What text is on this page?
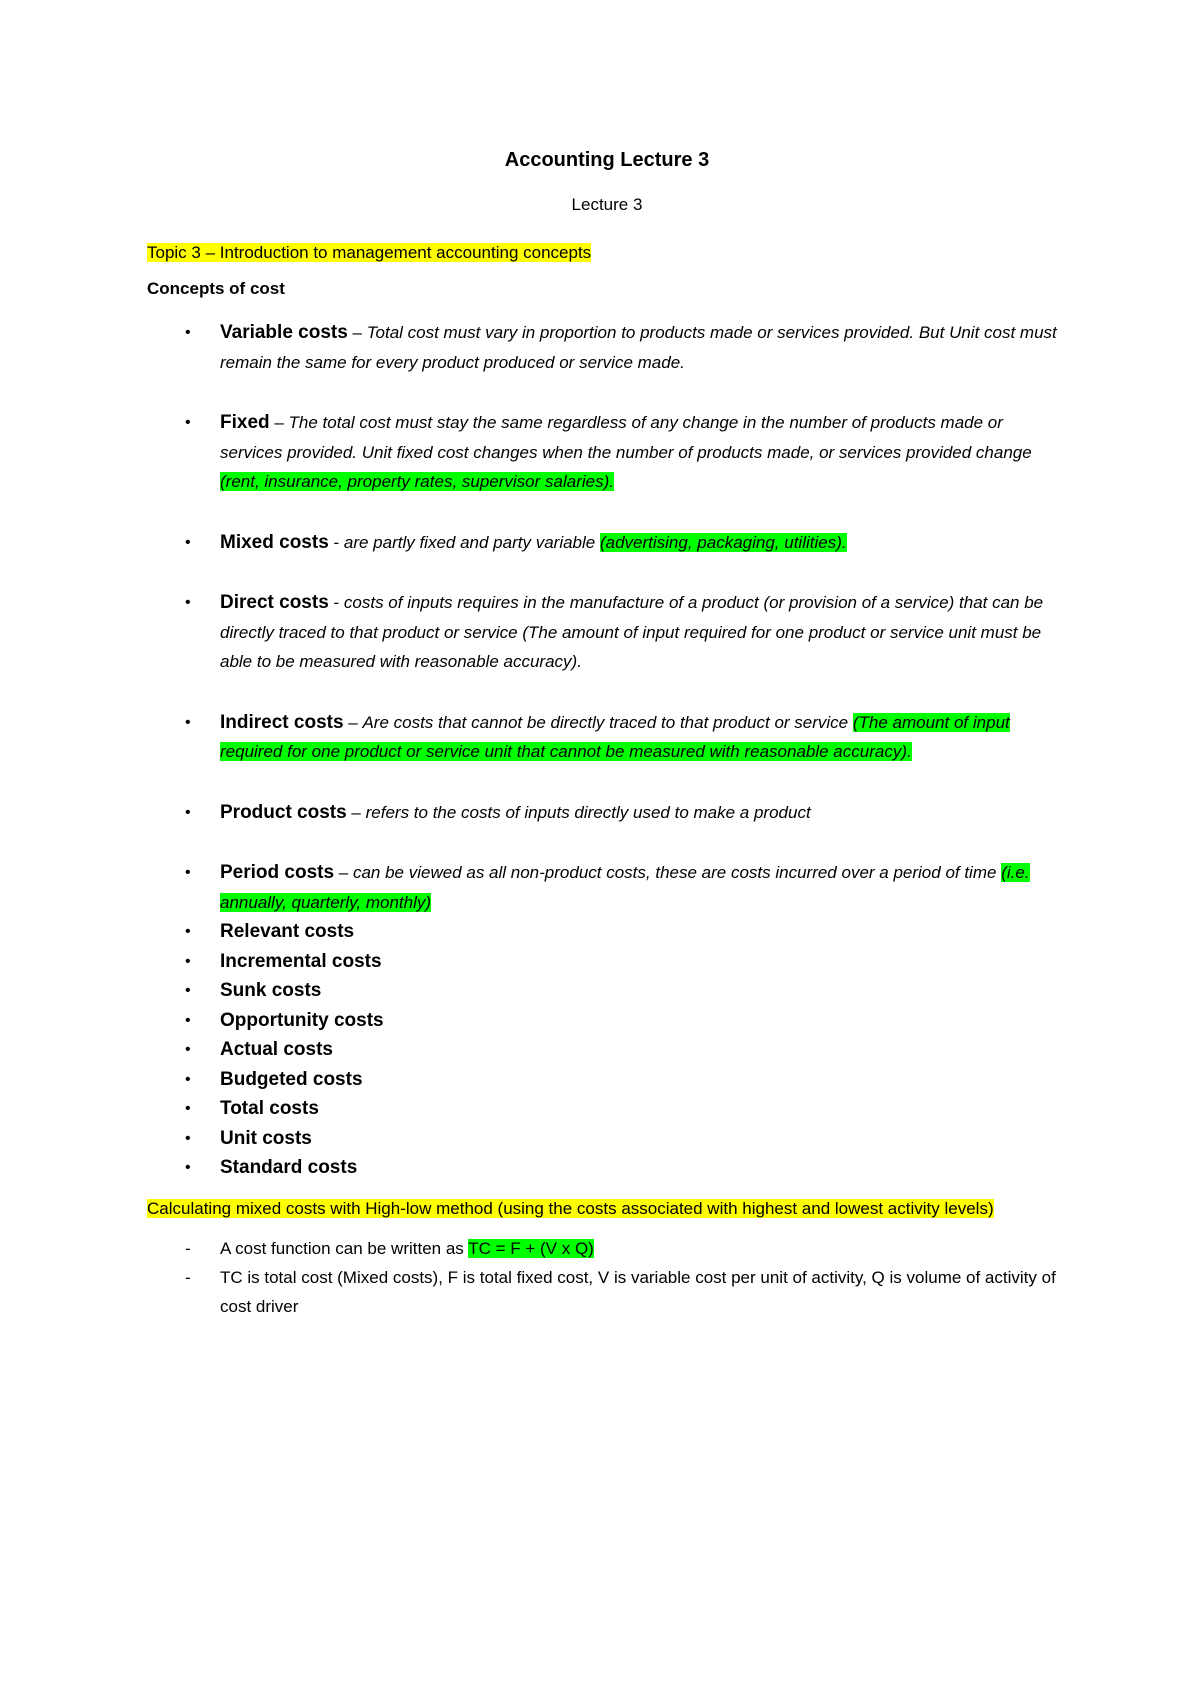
Accounting Lecture 3
Lecture 3
Topic 3 – Introduction to management accounting concepts
Concepts of cost
• Variable costs – Total cost must vary in proportion to products made or services provided. But Unit cost must remain the same for every product produced or service made.
• Fixed – The total cost must stay the same regardless of any change in the number of products made or services provided. Unit fixed cost changes when the number of products made, or services provided change (rent, insurance, property rates, supervisor salaries).
• Mixed costs - are partly fixed and party variable (advertising, packaging, utilities).
• Direct costs - costs of inputs requires in the manufacture of a product (or provision of a service) that can be directly traced to that product or service (The amount of input required for one product or service unit must be able to be measured with reasonable accuracy).
• Indirect costs – Are costs that cannot be directly traced to that product or service (The amount of input required for one product or service unit that cannot be measured with reasonable accuracy).
• Product costs – refers to the costs of inputs directly used to make a product
• Period costs – can be viewed as all non-product costs, these are costs incurred over a period of time (i.e. annually, quarterly, monthly)
• Relevant costs
• Incremental costs
• Sunk costs
• Opportunity costs
• Actual costs
• Budgeted costs
• Total costs
• Unit costs
• Standard costs
Calculating mixed costs with High-low method (using the costs associated with highest and lowest activity levels)
- A cost function can be written as TC = F + (V x Q)
- TC is total cost (Mixed costs), F is total fixed cost, V is variable cost per unit of activity, Q is volume of activity of cost driver
